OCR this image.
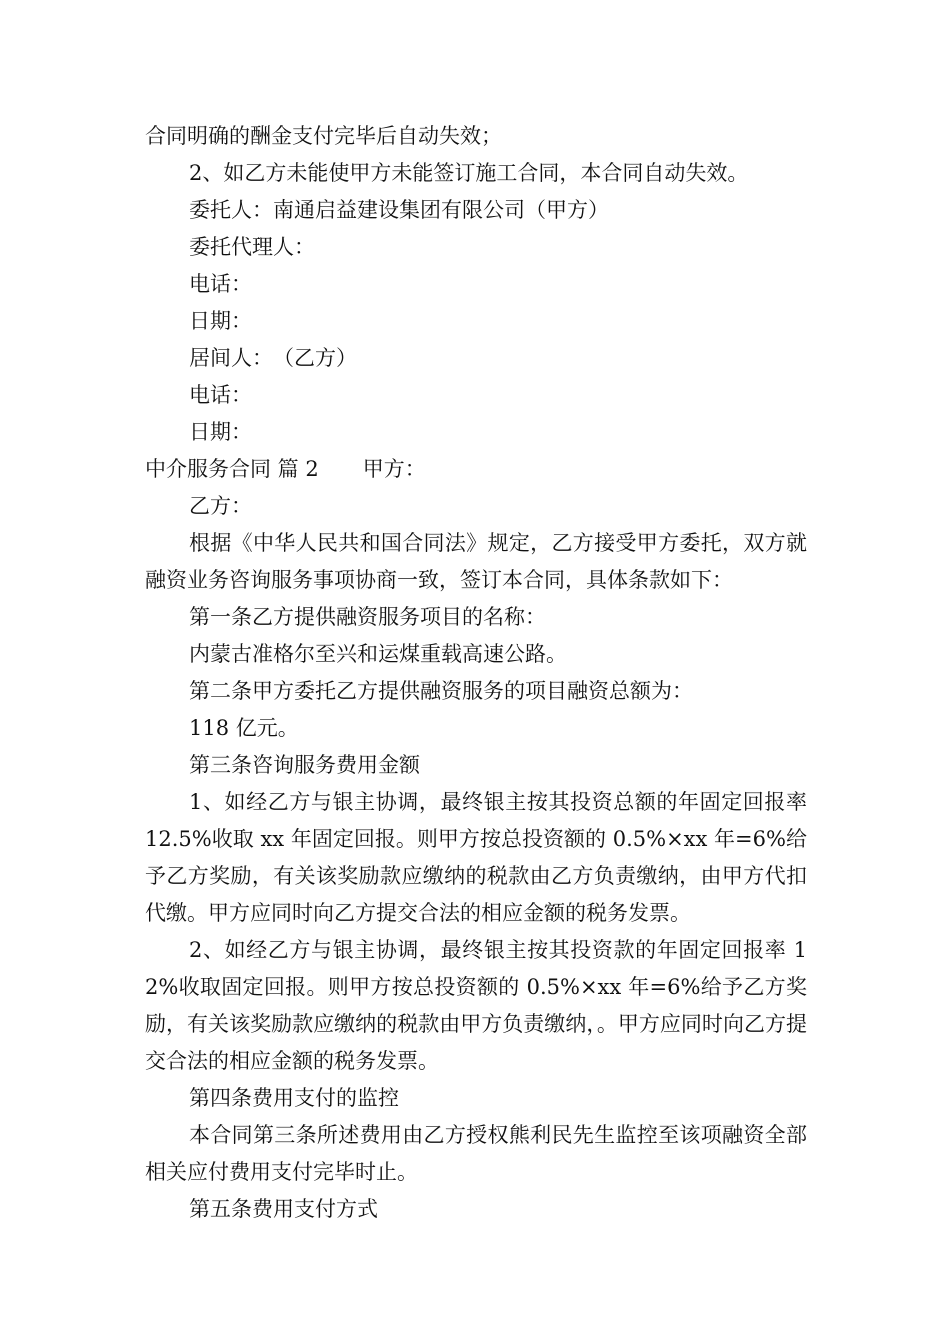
合同明确的酬金支付完毕后自动失效；

2、如乙方未能使甲方未能签订施工合同，本合同自动失效。

委托人：南通启益建设集团有限公司（甲方）

委托代理人：

电话：

日期：

居间人：　（乙方）

电话：

日期：

中介服务合同 篇 2 甲方：

乙方：

根据《中华人民共和国合同法》规定，乙方接受甲方委托，双方就融资业务咨询服务事项协商一致，签订本合同，具体条款如下：

第一条乙方提供融资服务项目的名称：

内蒙古准格尔至兴和运煤重载高速公路。

第二条甲方委托乙方提供融资服务的项目融资总额为：

118 亿元。

第三条咨询服务费用金额

1、如经乙方与银主协调，最终银主按其投资总额的年固定回报率 12.5%收取 xx 年固定回报。则甲方按总投资额的 0.5%×xx 年=6%给予乙方奖励，有关该奖励款应缴纳的税款由乙方负责缴纳，由甲方代扣代缴。甲方应同时向乙方提交合法的相应金额的税务发票。

2、如经乙方与银主协调，最终银主按其投资款的年固定回报率 12%收取固定回报。则甲方按总投资额的 0.5%×xx 年=6%给予乙方奖励，有关该奖励款应缴纳的税款由甲方负责缴纳，。甲方应同时向乙方提交合法的相应金额的税务发票。

第四条费用支付的监控

本合同第三条所述费用由乙方授权熊利民先生监控至该项融资全部相关应付费用支付完毕时止。

第五条费用支付方式
